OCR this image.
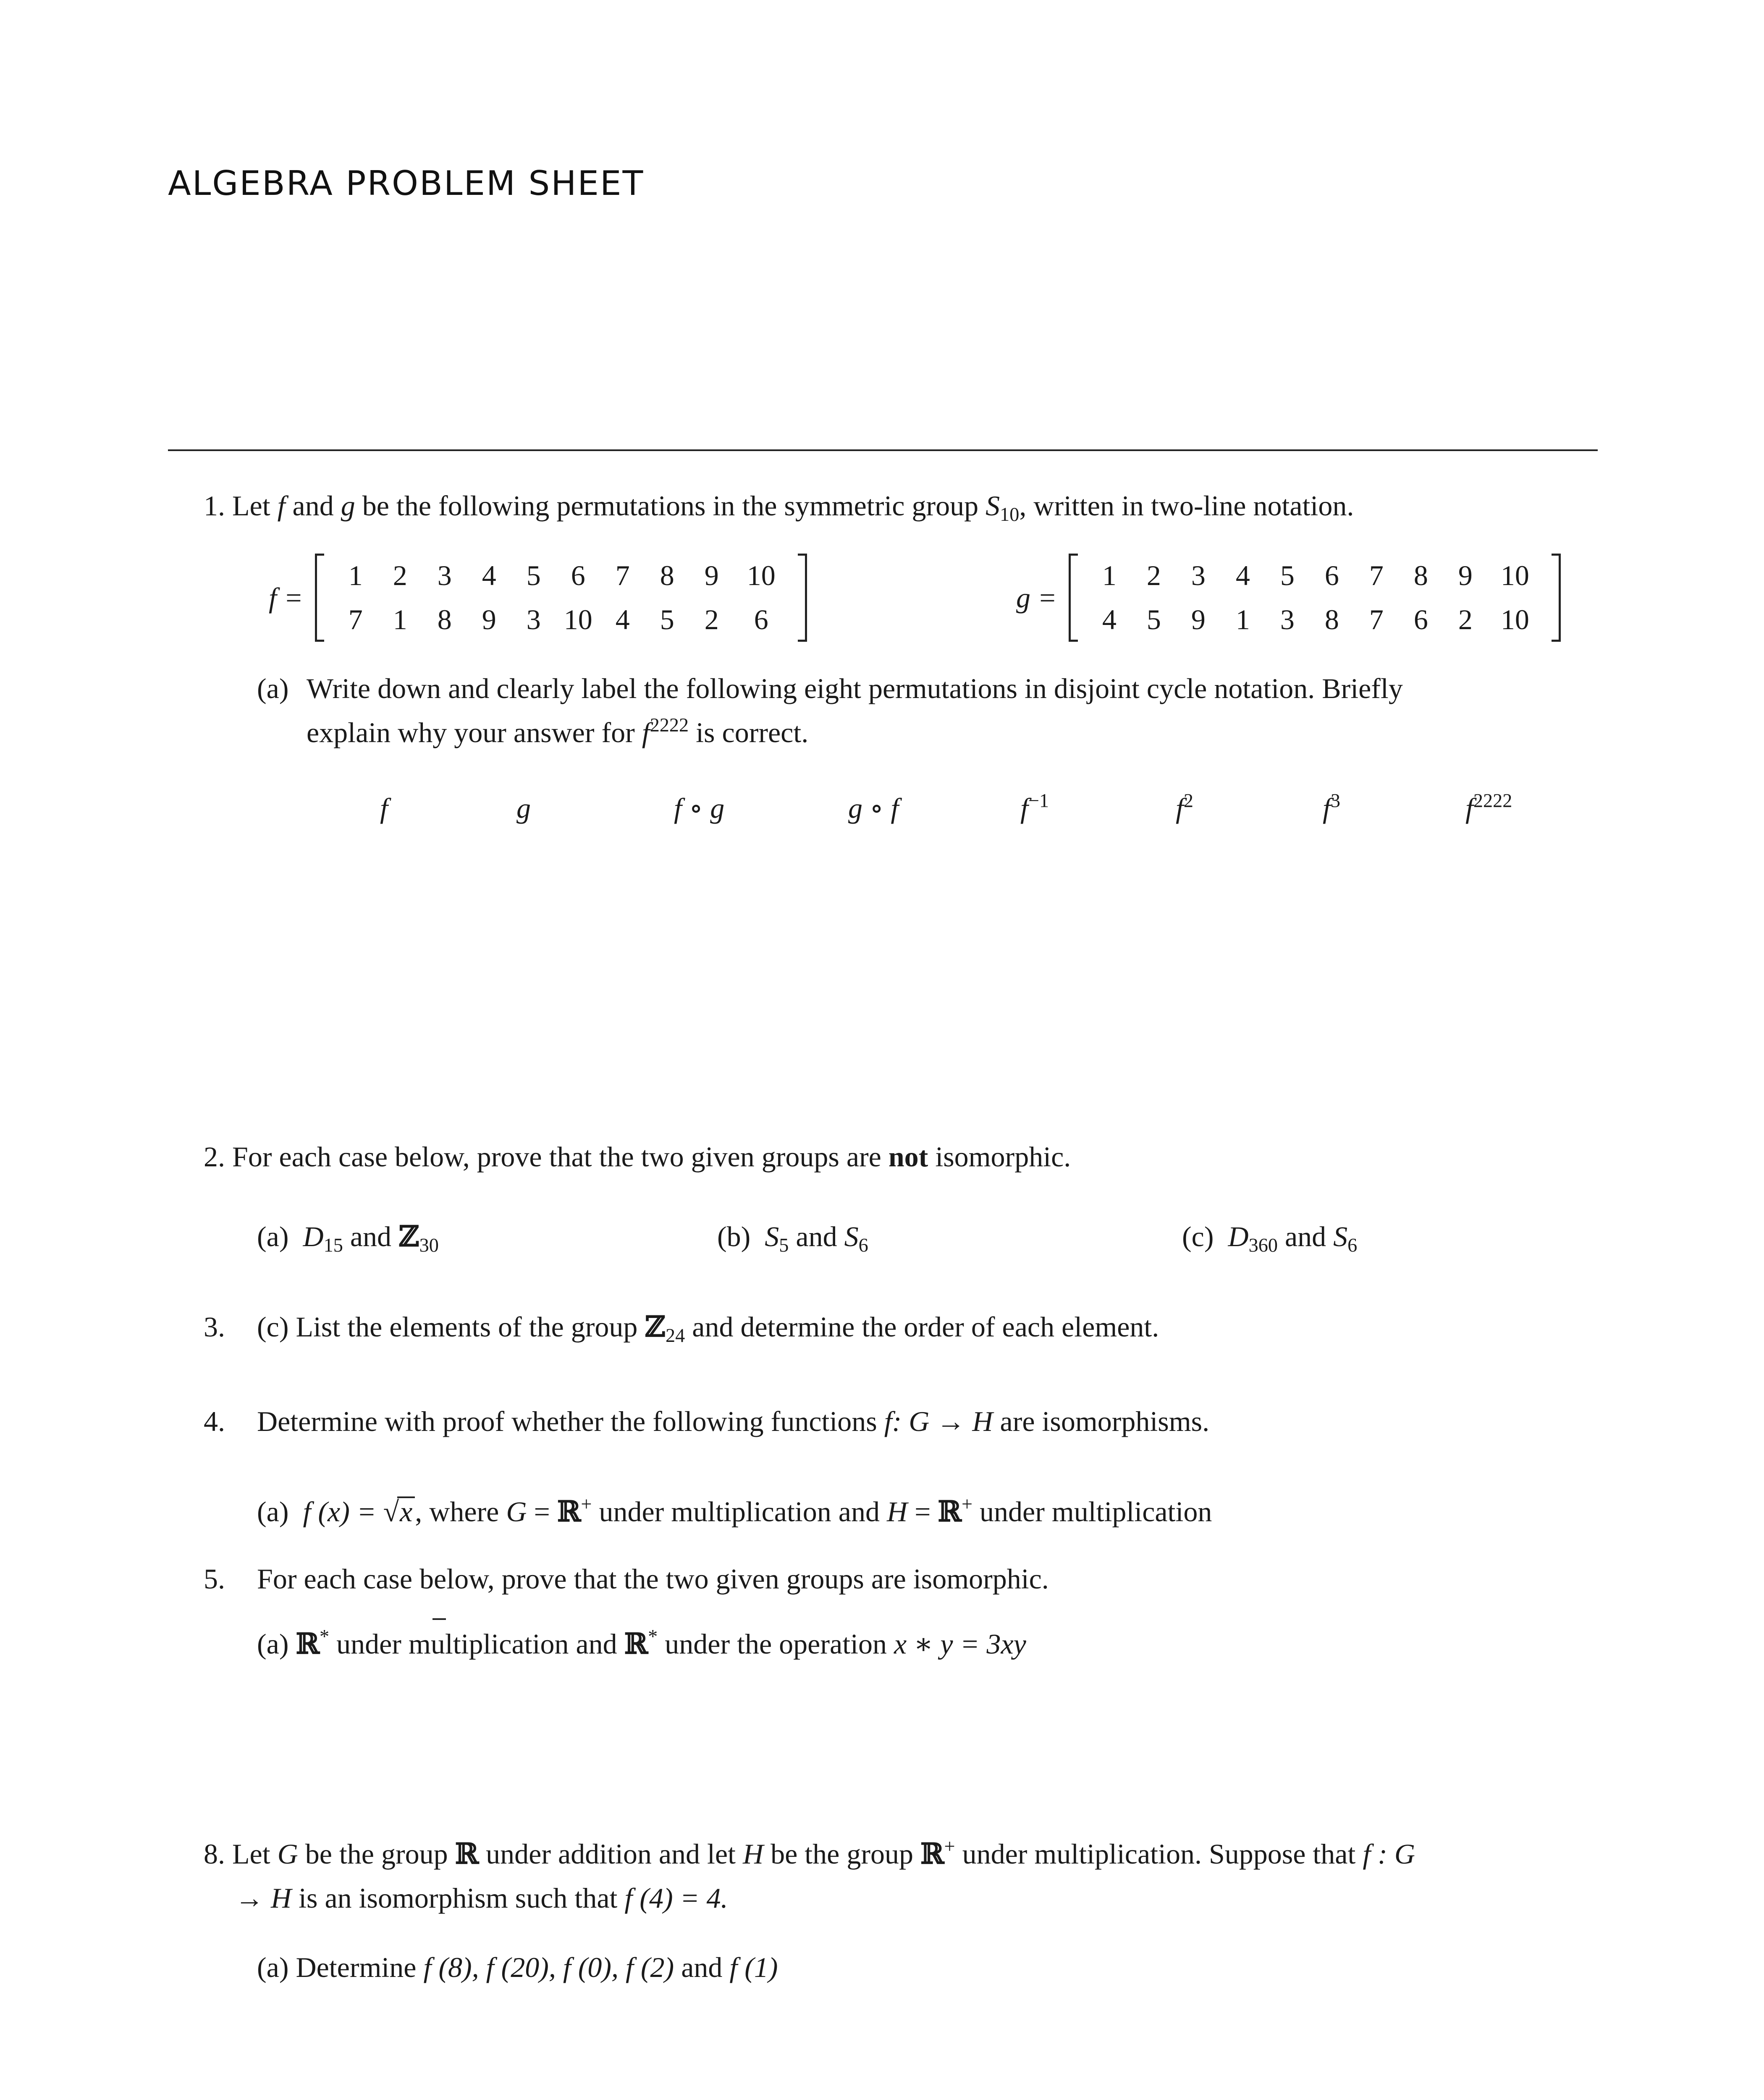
ALGEBRA PROBLEM SHEET
1. Let f and g be the following permutations in the symmetric group $S_{10}$, written in two-line notation.
f =
1	2	3	4	5	6	7	8	9 10
7	1	8	9	3 10 4	5	2	6
g =
1	2	3	4	5	6	7	8	9 10
4	5	9	1	3	8	7	6	2 10
(a) Write down and clearly label the following eight permutations in disjoint cycle notation. Briefly
explain why your answer for $f^{2222}$ is correct.
f	g	f ∘ g	g ∘ f	$f^{-1}$	$f^2$	$f^3$	$f^{2222}$
2. For each case below, prove that the two given groups are not isomorphic.
(a) $D_{15}$ and ℤ$_{30}$	(b) $S_5$ and $S_6$	(c) $D_{360}$ and $S_6$
3. (c) List the elements of the group ℤ$_{24}$ and determine the order of each element.
4. Determine with proof whether the following functions f: G → H are isomorphisms.
(a) f (x) = √x, where G = ℝ+ under multiplication and H = ℝ+ under multiplication
5. For each case below, prove that the two given groups are isomorphic.
(a) ℝ* under multiplication and ℝ* under the operation x ∗ y = 3xy
8. Let G be the group ℝ under addition and let H be the group ℝ+ under multiplication. Suppose that f : G
→ H is an isomorphism such that f (4) = 4.
(a) Determine f (8), f (20), f (0), f (2) and f (1)
